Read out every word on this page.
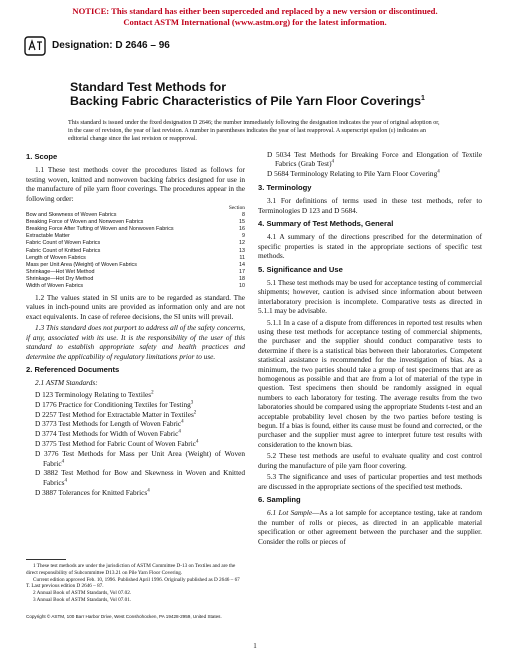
NOTICE: This standard has either been superceded and replaced by a new version or discontinued.
Contact ASTM International (www.astm.org) for the latest information.
Designation: D 2646 – 96
Standard Test Methods for
Backing Fabric Characteristics of Pile Yarn Floor Coverings$^1$
This standard is issued under the fixed designation D 2646; the number immediately following the designation indicates the year of original adoption or, in the case of revision, the year of last revision. A number in parentheses indicates the year of last reapproval. A superscript epsilon (ε) indicates an editorial change since the last revision or reapproval.
1. Scope

1.1 These test methods cover the procedures listed as follows for testing woven, knitted and nonwoven backing fabrics designed for use in the manufacture of pile yarn floor coverings. The procedures appear in the following order:

Section
Bow and Skewness of Woven Fabrics	8
Breaking Force of Woven and Nonwoven Fabrics	15
Breaking Force After Tufting of Woven and Nonwoven Fabrics	16
Extractable Matter	9
Fabric Count of Woven Fabrics	12
Fabric Count of Knitted Fabrics	13
Length of Woven Fabrics	11
Mass per Unit Area (Weight) of Woven Fabrics	14
Shrinkage—Hot Wet Method	17
Shrinkage—Hot Dry Method	18
Width of Woven Fabrics	10

1.2 The values stated in SI units are to be regarded as standard. The values in inch-pound units are provided as information only and are not exact equivalents. In case of referee decisions, the SI units will prevail.

1.3 This standard does not purport to address all of the safety concerns, if any, associated with its use. It is the responsibility of the user of this standard to establish appropriate safety and health practices and determine the applicability of regulatory limitations prior to use.

2. Referenced Documents

2.1 ASTM Standards:

D 123 Terminology Relating to Textiles$^2$
D 1776 Practice for Conditioning Textiles for Testing$^3$
D 2257 Test Method for Extractable Matter in Textiles$^2$
D 3773 Test Methods for Length of Woven Fabric$^4$
D 3774 Test Methods for Width of Woven Fabric$^4$
D 3775 Test Method for Fabric Count of Woven Fabric$^4$
D 3776 Test Methods for Mass per Unit Area (Weight) of Woven Fabric$^4$
D 3882 Test Method for Bow and Skewness in Woven and Knitted Fabrics$^4$
D 3887 Tolerances for Knitted Fabrics$^4$
D 5034 Test Methods for Breaking Force and Elongation of Textile Fabrics (Grab Test)$^4$
D 5684 Terminology Relating to Pile Yarn Floor Covering$^4$
3. Terminology

3.1 For definitions of terms used in these test methods, refer to Terminologies D 123 and D 5684.

4. Summary of Test Methods, General

4.1 A summary of the directions prescribed for the determination of specific properties is stated in the appropriate sections of specific test methods.

5. Significance and Use

5.1 These test methods may be used for acceptance testing of commercial shipments; however, caution is advised since information about between interlaboratory precision is incomplete. Comparative tests as directed in 5.1.1 may be advisable.

5.1.1 In a case of a dispute from differences in reported test results when using these test methods for acceptance testing of commercial shipments, the purchaser and the supplier should conduct comparative tests to determine if there is a statistical bias between their laboratories. Competent statistical assistance is recommended for the investigation of bias. As a minimum, the two parties should take a group of test specimens that are as homogenous as possible and that are from a lot of material of the type in question. Test specimens then should be randomly assigned in equal numbers to each laboratory for testing. The average results from the two laboratories should be compared using the appropriate Students t-test and an acceptable probability level chosen by the two parties before testing is begun. If a bias is found, either its cause must be found and corrected, or the purchaser and the supplier must agree to interpret future test results with consideration to the known bias.

5.2 These test methods are useful to evaluate quality and cost control during the manufacture of pile yarn floor covering.

5.3 The significance and uses of particular properties and test methods are discussed in the appropriate sections of the specified test methods.

6. Sampling

6.1 Lot Sample—As a lot sample for acceptance testing, take at random the number of rolls or pieces, as directed in an applicable material specification or other agreement between the purchaser and the supplier. Consider the rolls or pieces of

1 These test methods are under the jurisdiction of ASTM Committee D-13 on Textiles and are the direct responsibility of Subcommittee D13.21 on Pile Yarn Floor Covering.
Current edition approved Feb. 10, 1996. Published April 1996. Originally published as D 2646 – 67 T. Last previous edition D 2646 – 87.
2 Annual Book of ASTM Standards, Vol 07.02.
3 Annual Book of ASTM Standards, Vol 07.01.
Copyright © ASTM, 100 Barr Harbor Drive, West Conshohocken, PA 19428-2959, United States.
1
